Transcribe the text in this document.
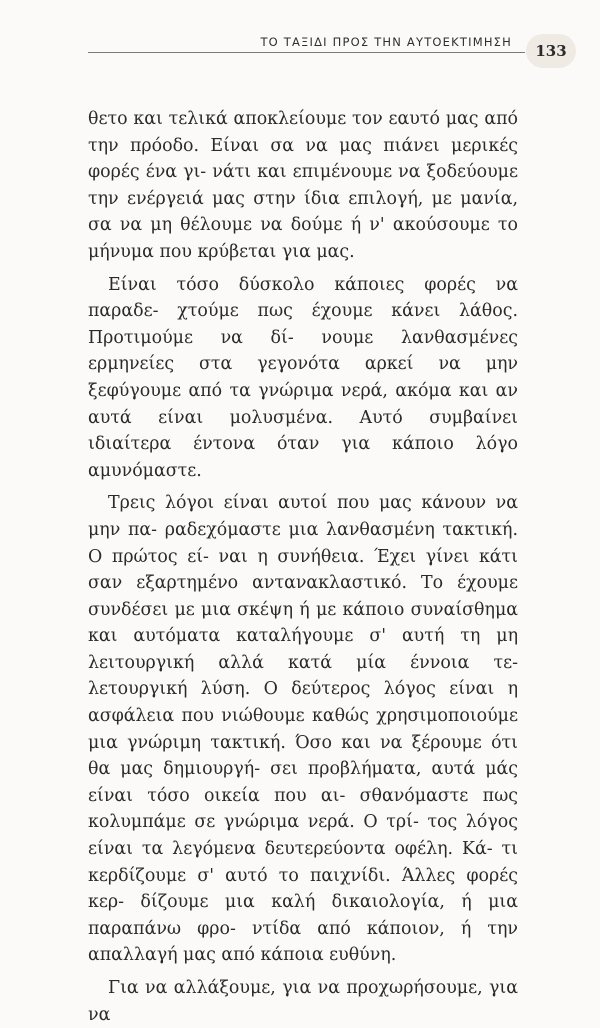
ΤΟ ΤΑΞΙΔΙ ΠΡΟΣ ΤΗΝ ΑΥΤΟΕΚΤΙΜΗΣΗ	133

θετο και τελικά αποκλείουμε τον εαυτό μας από την πρόοδο. Είναι σα να μας πιάνει μερικές φορές ένα γι- νάτι και επιμένουμε να ξοδεύουμε την ενέργειά μας στην ίδια επιλογή, με μανία, σα να μη θέλουμε να δούμε ή ν' ακούσουμε το μήνυμα που κρύβεται για μας.

Είναι τόσο δύσκολο κάποιες φορές να παραδε- χτούμε πως έχουμε κάνει λάθος. Προτιμούμε να δί- νουμε λανθασμένες ερμηνείες στα γεγονότα αρκεί να μην ξεφύγουμε από τα γνώριμα νερά, ακόμα και αν αυτά είναι μολυσμένα. Αυτό συμβαίνει ιδιαίτερα έντονα όταν για κάποιο λόγο αμυνόμαστε.

Τρεις λόγοι είναι αυτοί που μας κάνουν να μην πα- ραδεχόμαστε μια λανθασμένη τακτική. Ο πρώτος εί- ναι η συνήθεια. Έχει γίνει κάτι σαν εξαρτημένο αντανακλαστικό. Το έχουμε συνδέσει με μια σκέψη ή με κάποιο συναίσθημα και αυτόματα καταλήγουμε σ' αυτή τη μη λειτουργική αλλά κατά μία έννοια τε- λετουργική λύση. Ο δεύτερος λόγος είναι η ασφάλεια που νιώθουμε καθώς χρησιμοποιούμε μια γνώριμη τακτική. Όσο και να ξέρουμε ότι θα μας δημιουργή- σει προβλήματα, αυτά μάς είναι τόσο οικεία που αι- σθανόμαστε πως κολυμπάμε σε γνώριμα νερά. Ο τρί- τος λόγος είναι τα λεγόμενα δευτερεύοντα οφέλη. Κά- τι κερδίζουμε σ' αυτό το παιχνίδι. Άλλες φορές κερ- δίζουμε μια καλή δικαιολογία, ή μια παραπάνω φρο- ντίδα από κάποιον, ή την απαλλαγή μας από κάποια ευθύνη.

Για να αλλάξουμε, για να προχωρήσουμε, για να
